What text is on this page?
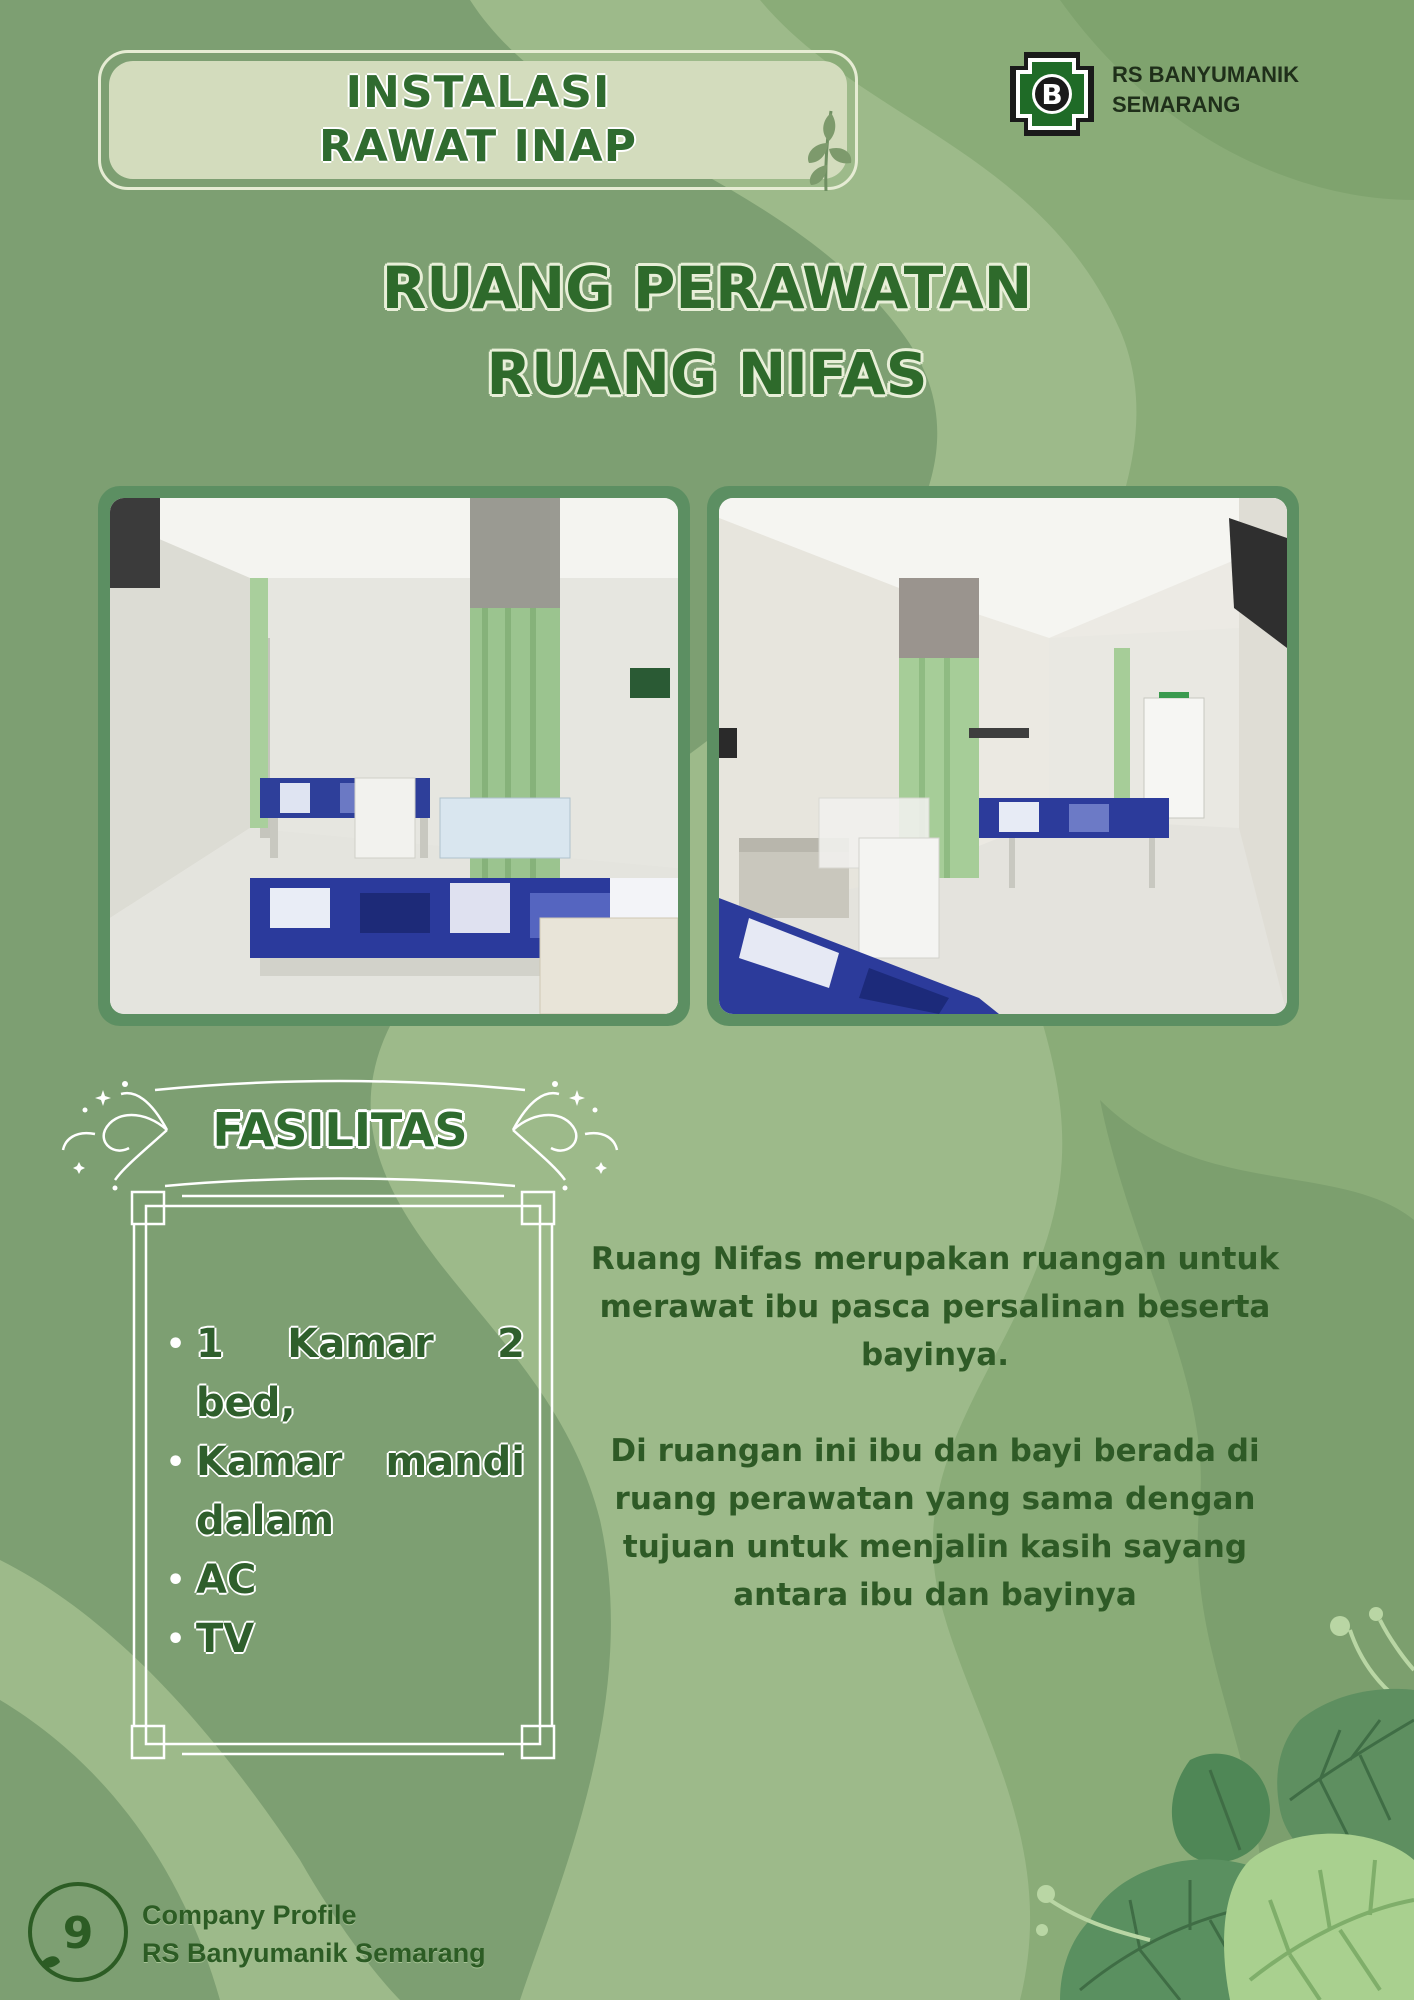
INSTALASI
RAWAT INAP
B
RS BANYUMANIK
SEMARANG
RUANG PERAWATAN
RUANG NIFAS
FASILITAS
• 1 Kamar 2 bed,
• Kamar mandi dalam
• AC
• TV

Ruang Nifas merupakan ruangan untuk merawat ibu pasca persalinan beserta bayinya.

Di ruangan ini ibu dan bayi berada di ruang perawatan yang sama dengan tujuan untuk menjalin kasih sayang antara ibu dan bayinya

9 Company Profile
RS Banyumanik Semarang
